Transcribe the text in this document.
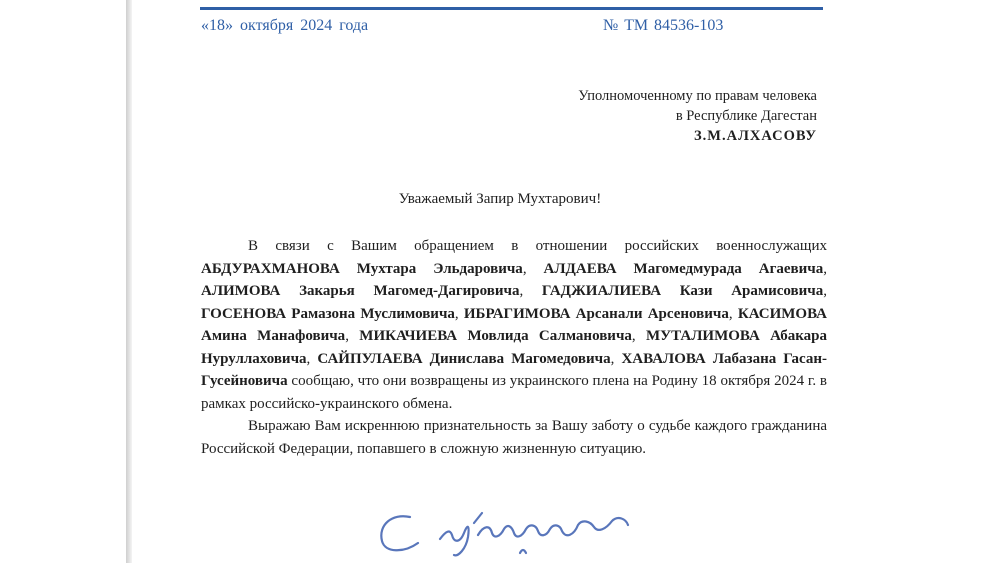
«18» октября 2024 года	№ ТМ 84536-103
Уполномоченному по правам человека
в Республике Дагестан
З.М.АЛХАСОВУ
Уважаемый Запир Мухтарович!

В связи с Вашим обращением в отношении российских военнослужащих АБДУРАХМАНОВА Мухтара Эльдаровича, АЛДАЕВА Магомедмурада Агаевича, АЛИМОВА Закарья Магомед-Дагировича, ГАДЖИАЛИЕВА Кази Арамисовича, ГОСЕНОВА Рамазона Муслимовича, ИБРАГИМОВА Арсанали Арсеновича, КАСИМОВА Амина Манафовича, МИКАЧИЕВА Мовлида Салмановича, МУТАЛИМОВА Абакара Нуруллаховича, САЙПУЛАЕВА Динислава Магомедовича, ХАВАЛОВА Лабазана Гасан-Гусейновича сообщаю, что они возвращены из украинского плена на Родину 18 октября 2024 г. в рамках российско-украинского обмена.

Выражаю Вам искреннюю признательность за Вашу заботу о судьбе каждого гражданина Российской Федерации, попавшего в сложную жизненную ситуацию.
